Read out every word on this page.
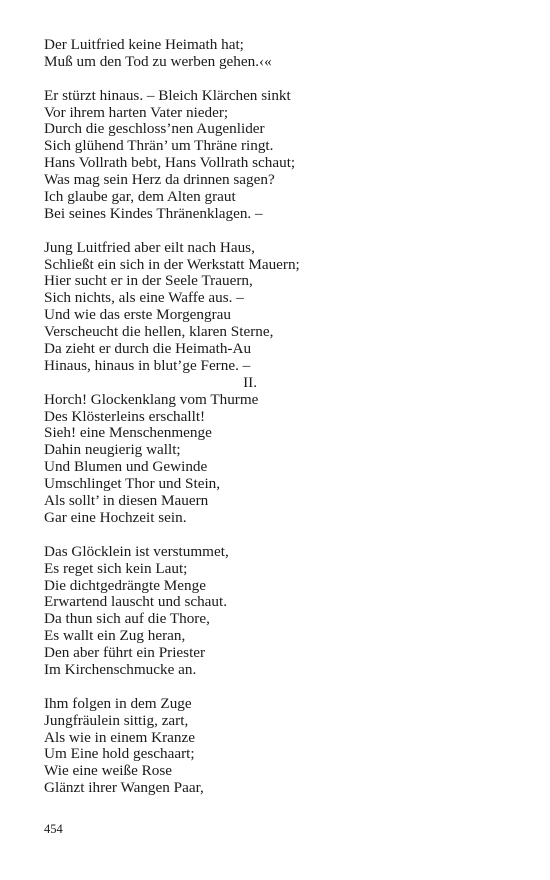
Der Luitfried keine Heimath hat;
Muß um den Tod zu werben gehen.‹«
Er stürzt hinaus. – Bleich Klärchen sinkt
Vor ihrem harten Vater nieder;
Durch die geschloss’nen Augenlider
Sich glühend Thrän’ um Thräne ringt.
Hans Vollrath bebt, Hans Vollrath schaut;
Was mag sein Herz da drinnen sagen?
Ich glaube gar, dem Alten graut
Bei seines Kindes Thränenklagen. –
Jung Luitfried aber eilt nach Haus,
Schließt ein sich in der Werkstatt Mauern;
Hier sucht er in der Seele Trauern,
Sich nichts, als eine Waffe aus. –
Und wie das erste Morgengrau
Verscheucht die hellen, klaren Sterne,
Da zieht er durch die Heimath-Au
Hinaus, hinaus in blut’ge Ferne. –
II.
Horch! Glockenklang vom Thurme
Des Klösterleins erschallt!
Sieh! eine Menschenmenge
Dahin neugierig wallt;
Und Blumen und Gewinde
Umschlinget Thor und Stein,
Als sollt’ in diesen Mauern
Gar eine Hochzeit sein.
Das Glöcklein ist verstummet,
Es reget sich kein Laut;
Die dichtgedrängte Menge
Erwartend lauscht und schaut.
Da thun sich auf die Thore,
Es wallt ein Zug heran,
Den aber führt ein Priester
Im Kirchenschmucke an.
Ihm folgen in dem Zuge
Jungfräulein sittig, zart,
Als wie in einem Kranze
Um Eine hold geschaart;
Wie eine weiße Rose
Glänzt ihrer Wangen Paar,
454
